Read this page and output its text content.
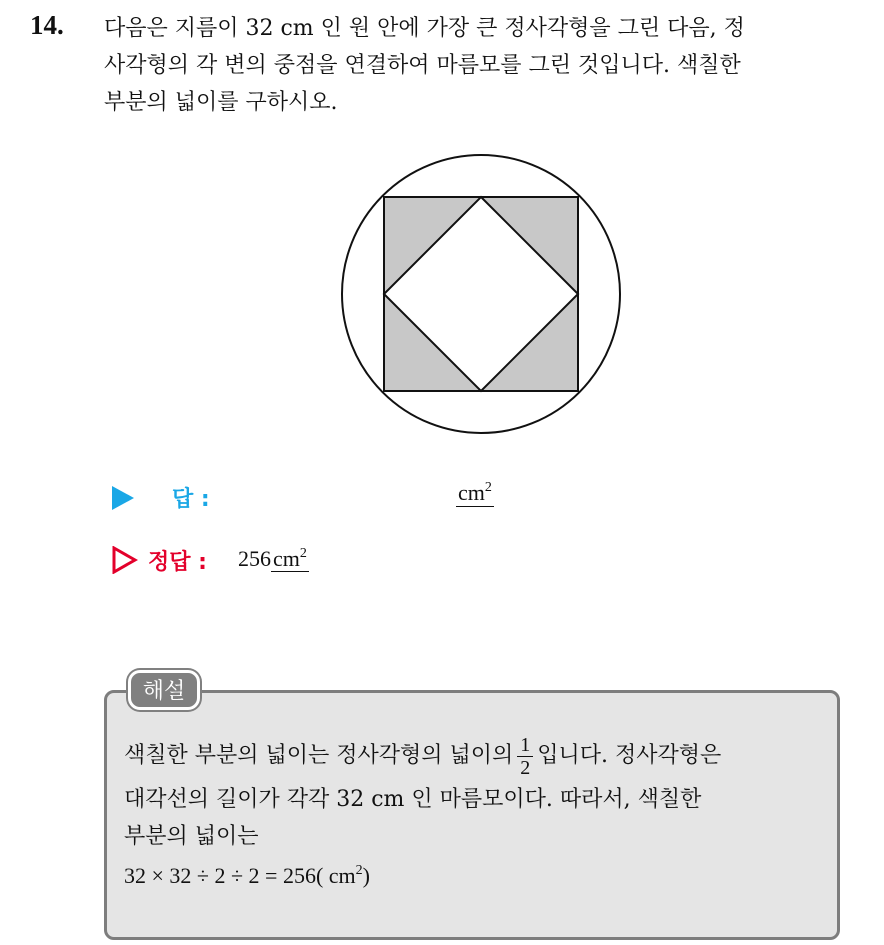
14. 다음은 지름이 32 cm 인 원 안에 가장 큰 정사각형을 그린 다음, 정
사각형의 각 변의 중점을 연결하여 마름모를 그린 것입니다. 색칠한
부분의 넓이를 구하시오.
답 :	$cm^2$
정답 : $256cm^2$
해설
색칠한 부분의 넓이는 정사각형의 넓이의 $\frac{1}{2}$ 입니다. 정사각형은
대각선의 길이가 각각 32 cm 인 마름모이다. 따라서, 색칠한
부분의 넓이는
32 × 32 ÷ 2 ÷ 2 = 256( $cm^2$)
